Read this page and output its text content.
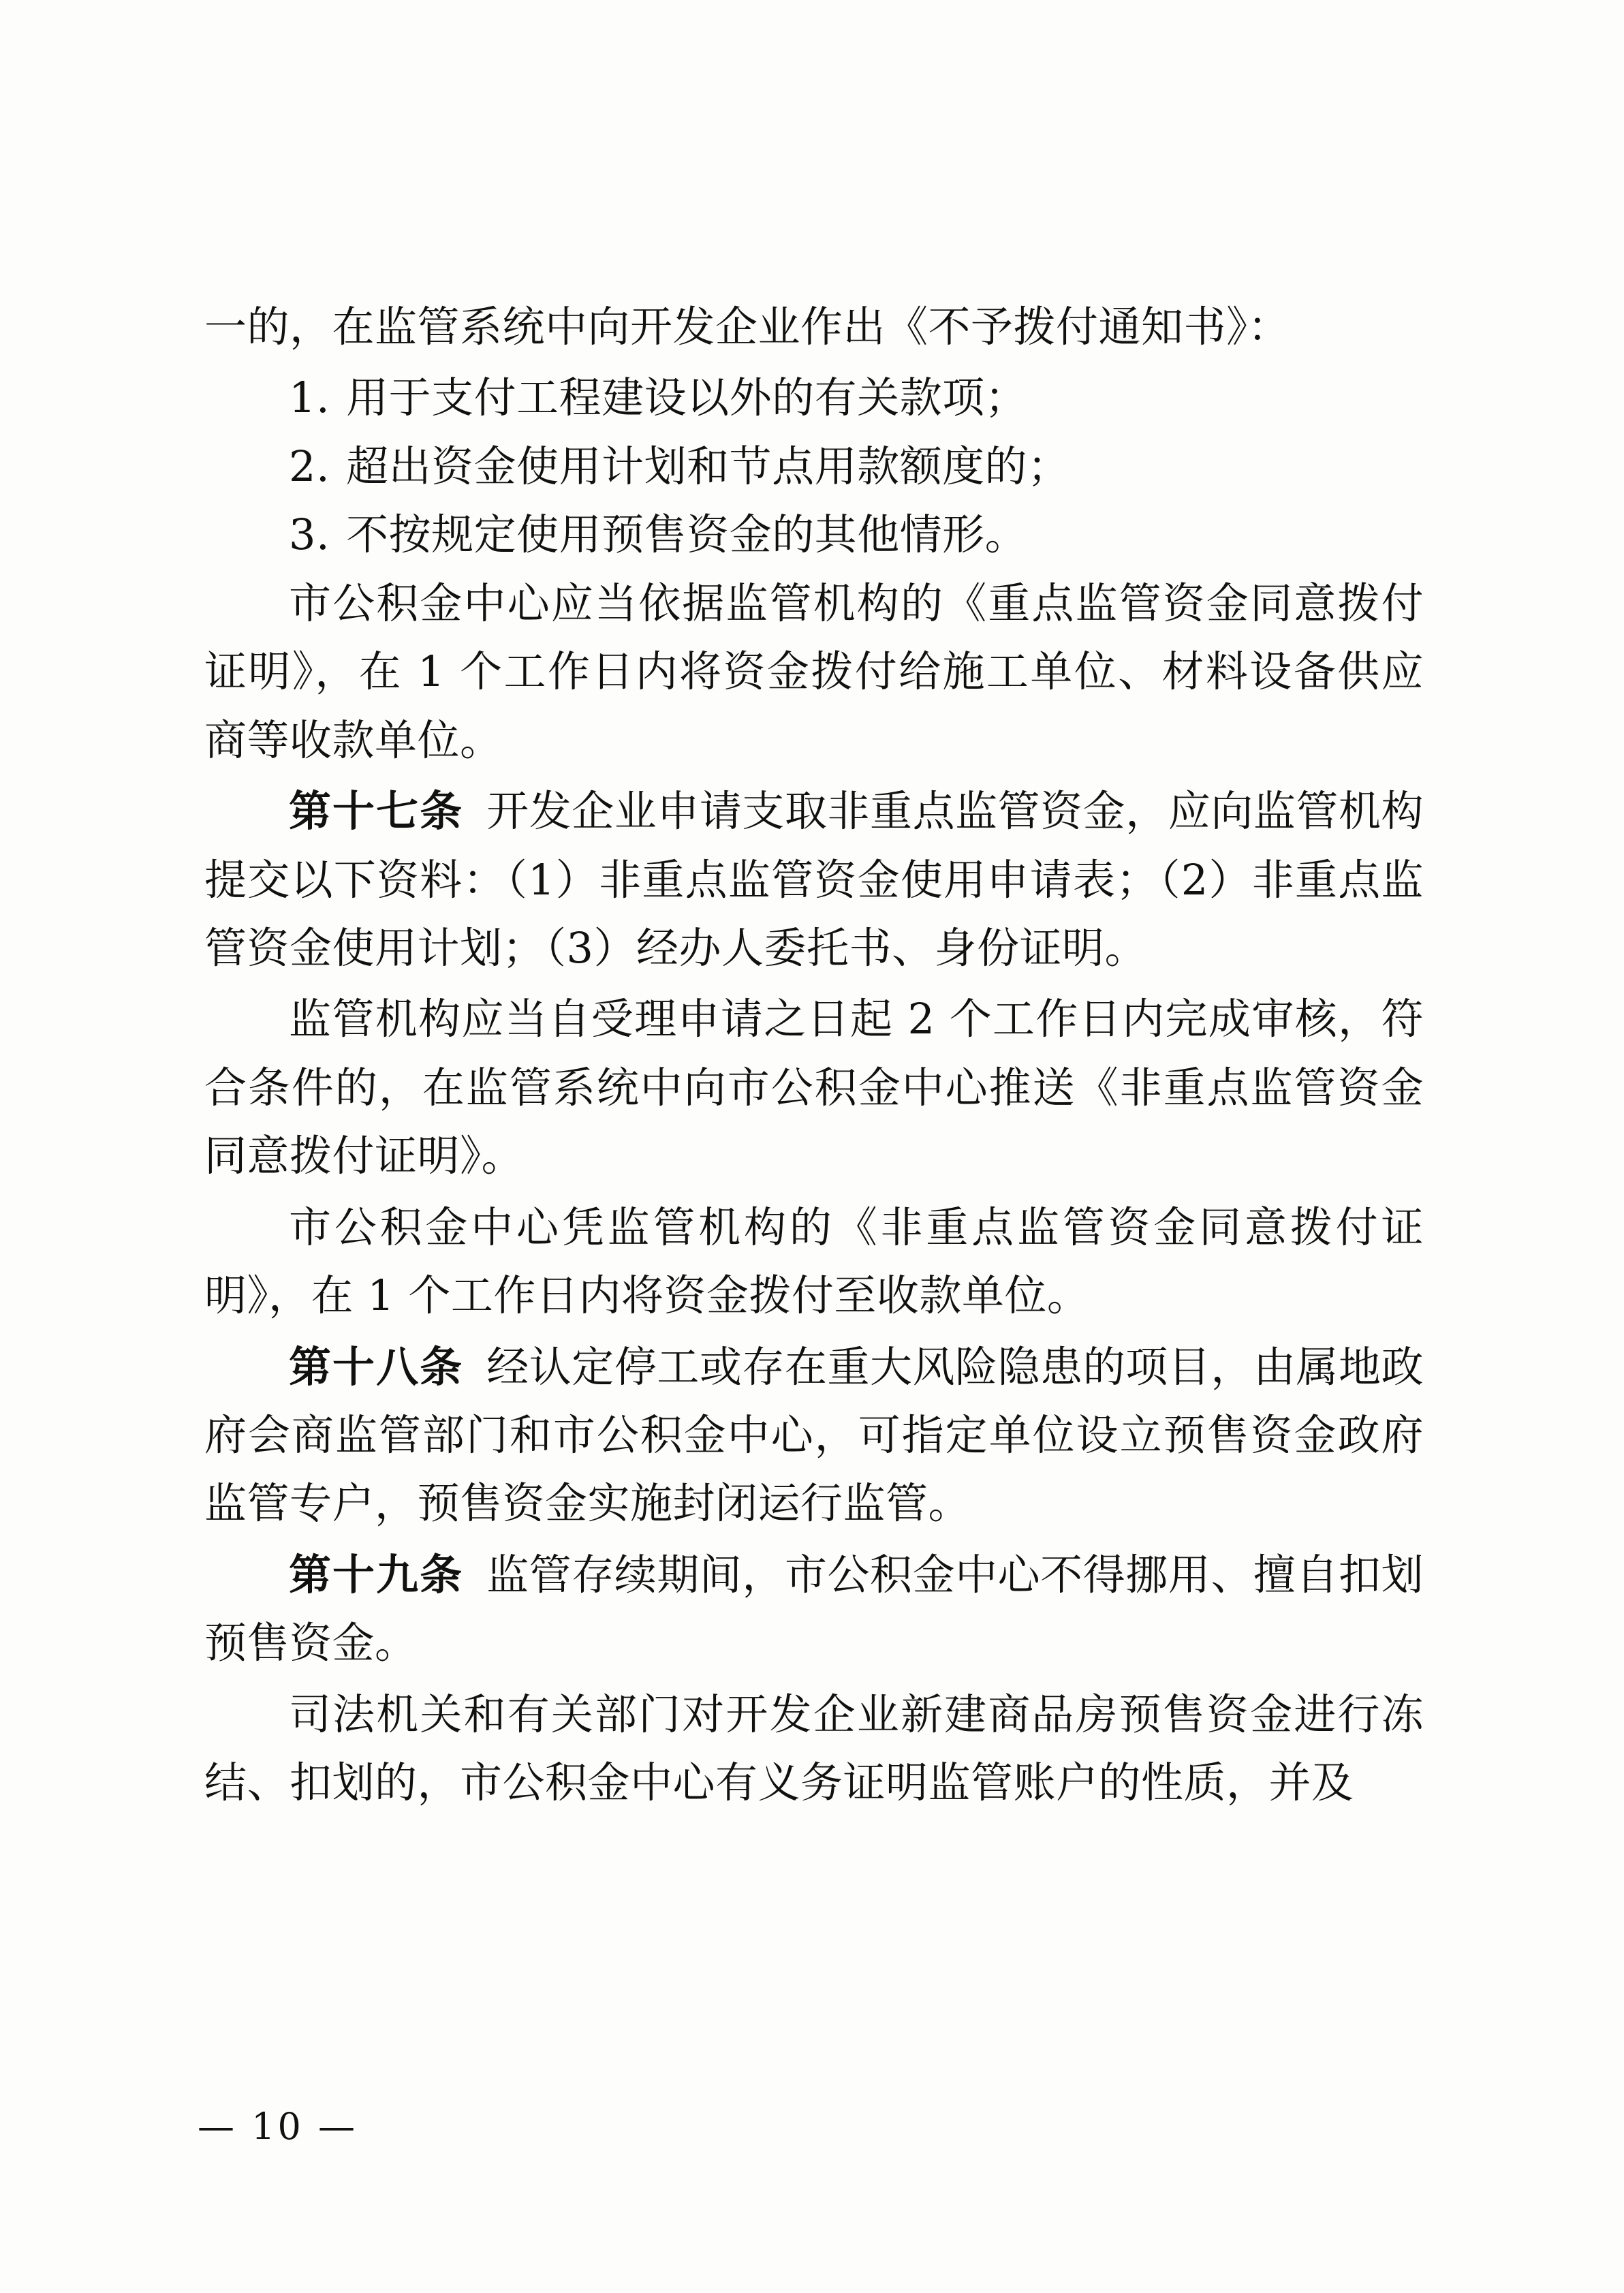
一的，在监管系统中向开发企业作出《不予拨付通知书》：

1. 用于支付工程建设以外的有关款项；

2. 超出资金使用计划和节点用款额度的；

3. 不按规定使用预售资金的其他情形。

市公积金中心应当依据监管机构的《重点监管资金同意拨付证明》，在 1 个工作日内将资金拨付给施工单位、材料设备供应商等收款单位。

第十七条 开发企业申请支取非重点监管资金，应向监管机构提交以下资料：（1）非重点监管资金使用申请表；（2）非重点监管资金使用计划；（3）经办人委托书、身份证明。

监管机构应当自受理申请之日起 2 个工作日内完成审核，符合条件的，在监管系统中向市公积金中心推送《非重点监管资金同意拨付证明》。

市公积金中心凭监管机构的《非重点监管资金同意拨付证明》，在 1 个工作日内将资金拨付至收款单位。

第十八条 经认定停工或存在重大风险隐患的项目，由属地政府会商监管部门和市公积金中心，可指定单位设立预售资金政府监管专户，预售资金实施封闭运行监管。

第十九条 监管存续期间，市公积金中心不得挪用、擅自扣划预售资金。

司法机关和有关部门对开发企业新建商品房预售资金进行冻结、扣划的，市公积金中心有义务证明监管账户的性质，并及

— 10 —
